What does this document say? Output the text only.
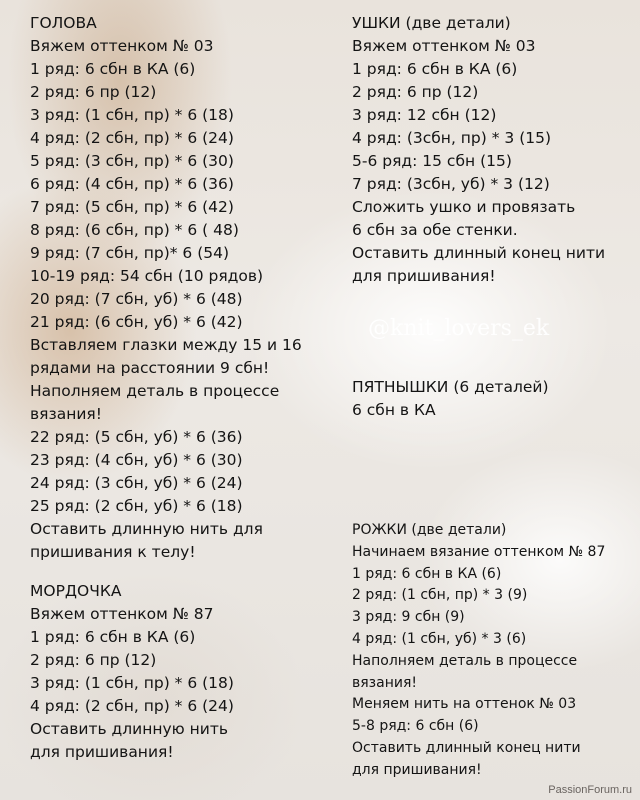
ГОЛОВА
Вяжем оттенком № 03
1 ряд: 6 сбн в КА (6)
2 ряд: 6 пр (12)
3 ряд: (1 сбн, пр) * 6 (18)
4 ряд: (2 сбн, пр) * 6 (24)
5 ряд: (3 сбн, пр) * 6 (30)
6 ряд: (4 сбн, пр) * 6 (36)
7 ряд: (5 сбн, пр) * 6 (42)
8 ряд: (6 сбн, пр) * 6 ( 48)
9 ряд: (7 сбн, пр)* 6 (54)
10-19 ряд: 54 сбн (10 рядов)
20 ряд: (7 сбн, уб) * 6 (48)
21 ряд: (6 сбн, уб) * 6 (42)
Вставляем глазки между 15 и 16
рядами на расстоянии 9 сбн!
Наполняем деталь в процессе
вязания!
22 ряд: (5 сбн, уб) * 6 (36)
23 ряд: (4 сбн, уб) * 6 (30)
24 ряд: (3 сбн, уб) * 6 (24)
25 ряд: (2 сбн, уб) * 6 (18)
Оставить длинную нить для
пришивания к телу!
МОРДОЧКА
Вяжем оттенком № 87
1 ряд: 6 сбн в КА (6)
2 ряд: 6 пр (12)
3 ряд: (1 сбн, пр) * 6 (18)
4 ряд: (2 сбн, пр) * 6 (24)
Оставить длинную нить
для пришивания!
УШКИ (две детали)
Вяжем оттенком № 03
1 ряд: 6 сбн в КА (6)
2 ряд: 6 пр (12)
3 ряд: 12 сбн (12)
4 ряд: (3сбн, пр) * 3 (15)
5-6 ряд: 15 сбн (15)
7 ряд: (3сбн, уб) * 3 (12)
Сложить ушко и провязать
6 сбн за обе стенки.
Оставить длинный конец нити
для пришивания!
@knit_lovers_ek
ПЯТНЫШКИ (6 деталей)
6 сбн в КА
РОЖКИ (две детали)
Начинаем вязание оттенком № 87
1 ряд: 6 сбн в КА (6)
2 ряд: (1 сбн, пр) * 3 (9)
3 ряд: 9 сбн (9)
4 ряд: (1 сбн, уб) * 3 (6)
Наполняем деталь в процессе
вязания!
Меняем нить на оттенок № 03
5-8 ряд: 6 сбн (6)
Оставить длинный конец нити
для пришивания!
PassionForum.ru
